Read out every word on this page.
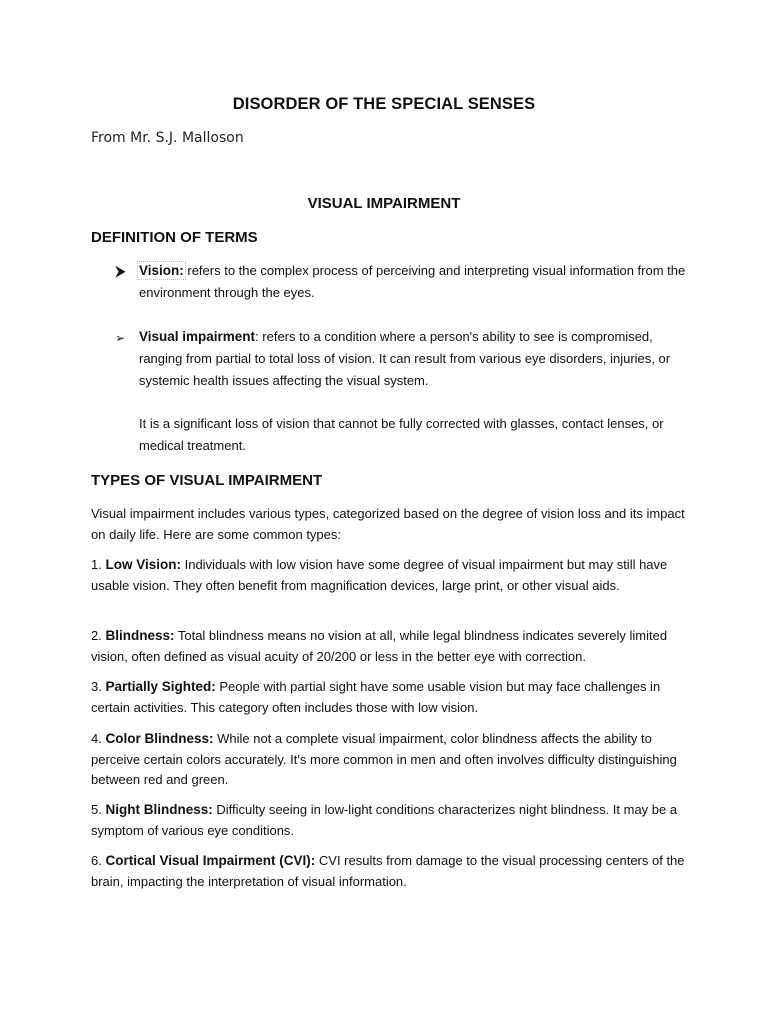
DISORDER OF THE SPECIAL SENSES
From Mr. S.J. Malloson
VISUAL IMPAIRMENT
DEFINITION OF TERMS
⮞ Vision: refers to the complex process of perceiving and interpreting visual information from the environment through the eyes.

➢ Visual impairment: refers to a condition where a person's ability to see is compromised, ranging from partial to total loss of vision. It can result from various eye disorders, injuries, or systemic health issues affecting the visual system.

It is a significant loss of vision that cannot be fully corrected with glasses, contact lenses, or medical treatment.

TYPES OF VISUAL IMPAIRMENT

Visual impairment includes various types, categorized based on the degree of vision loss and its impact on daily life. Here are some common types:

1. Low Vision: Individuals with low vision have some degree of visual impairment but may still have usable vision. They often benefit from magnification devices, large print, or other visual aids.

2. Blindness: Total blindness means no vision at all, while legal blindness indicates severely limited vision, often defined as visual acuity of 20/200 or less in the better eye with correction.

3. Partially Sighted: People with partial sight have some usable vision but may face challenges in certain activities. This category often includes those with low vision.

4. Color Blindness: While not a complete visual impairment, color blindness affects the ability to perceive certain colors accurately. It's more common in men and often involves difficulty distinguishing between red and green.

5. Night Blindness: Difficulty seeing in low-light conditions characterizes night blindness. It may be a symptom of various eye conditions.

6. Cortical Visual Impairment (CVI): CVI results from damage to the visual processing centers of the brain, impacting the interpretation of visual information.
